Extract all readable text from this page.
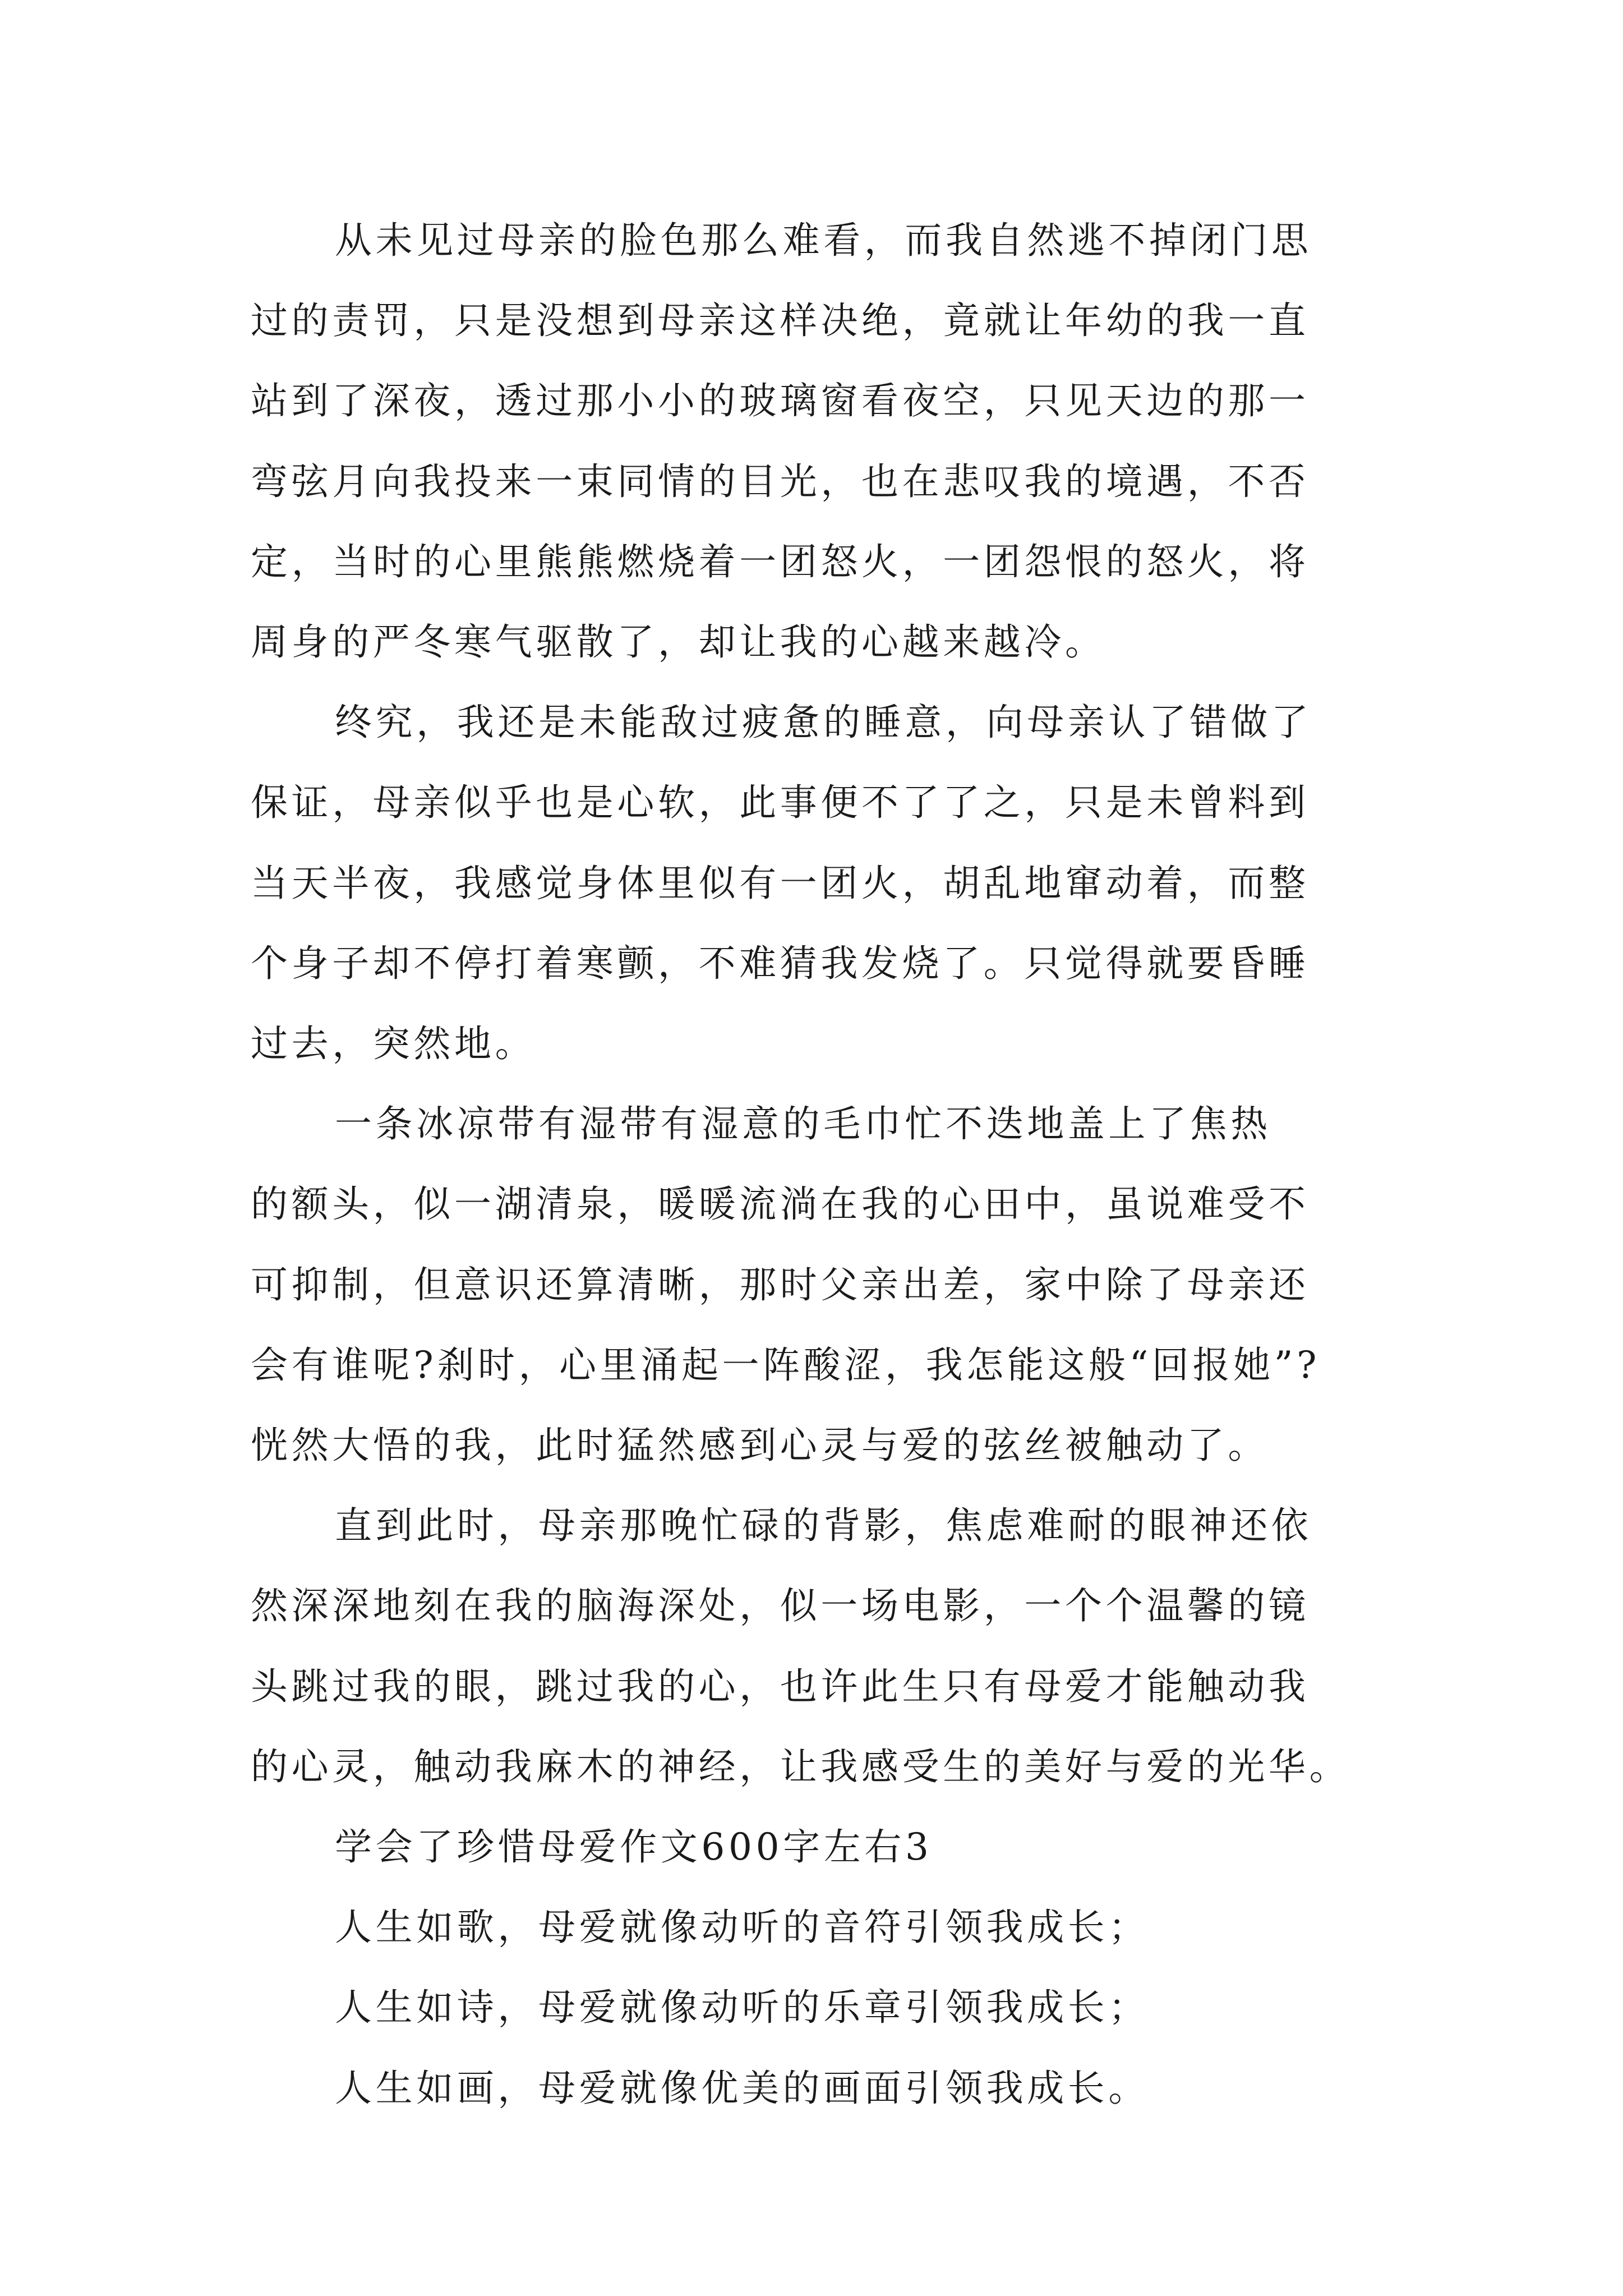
从未见过母亲的脸色那么难看，而我自然逃不掉闭门思
过的责罚，只是没想到母亲这样决绝，竟就让年幼的我一直
站到了深夜，透过那小小的玻璃窗看夜空，只见天边的那一
弯弦月向我投来一束同情的目光，也在悲叹我的境遇，不否
定，当时的心里熊熊燃烧着一团怒火，一团怨恨的怒火，将
周身的严冬寒气驱散了，却让我的心越来越冷。
终究，我还是未能敌过疲惫的睡意，向母亲认了错做了
保证，母亲似乎也是心软，此事便不了了之，只是未曾料到
当天半夜，我感觉身体里似有一团火，胡乱地窜动着，而整
个身子却不停打着寒颤，不难猜我发烧了。只觉得就要昏睡
过去，突然地。
一条冰凉带有湿带有湿意的毛巾忙不迭地盖上了焦热
的额头，似一湖清泉，暖暖流淌在我的心田中，虽说难受不
可抑制，但意识还算清晰，那时父亲出差，家中除了母亲还
会有谁呢?刹时，心里涌起一阵酸涩，我怎能这般“回报她”?
恍然大悟的我，此时猛然感到心灵与爱的弦丝被触动了。
直到此时，母亲那晚忙碌的背影，焦虑难耐的眼神还依
然深深地刻在我的脑海深处，似一场电影，一个个温馨的镜
头跳过我的眼，跳过我的心，也许此生只有母爱才能触动我
的心灵，触动我麻木的神经，让我感受生的美好与爱的光华。
学会了珍惜母爱作文600字左右3
人生如歌，母爱就像动听的音符引领我成长；
人生如诗，母爱就像动听的乐章引领我成长；
人生如画，母爱就像优美的画面引领我成长。
